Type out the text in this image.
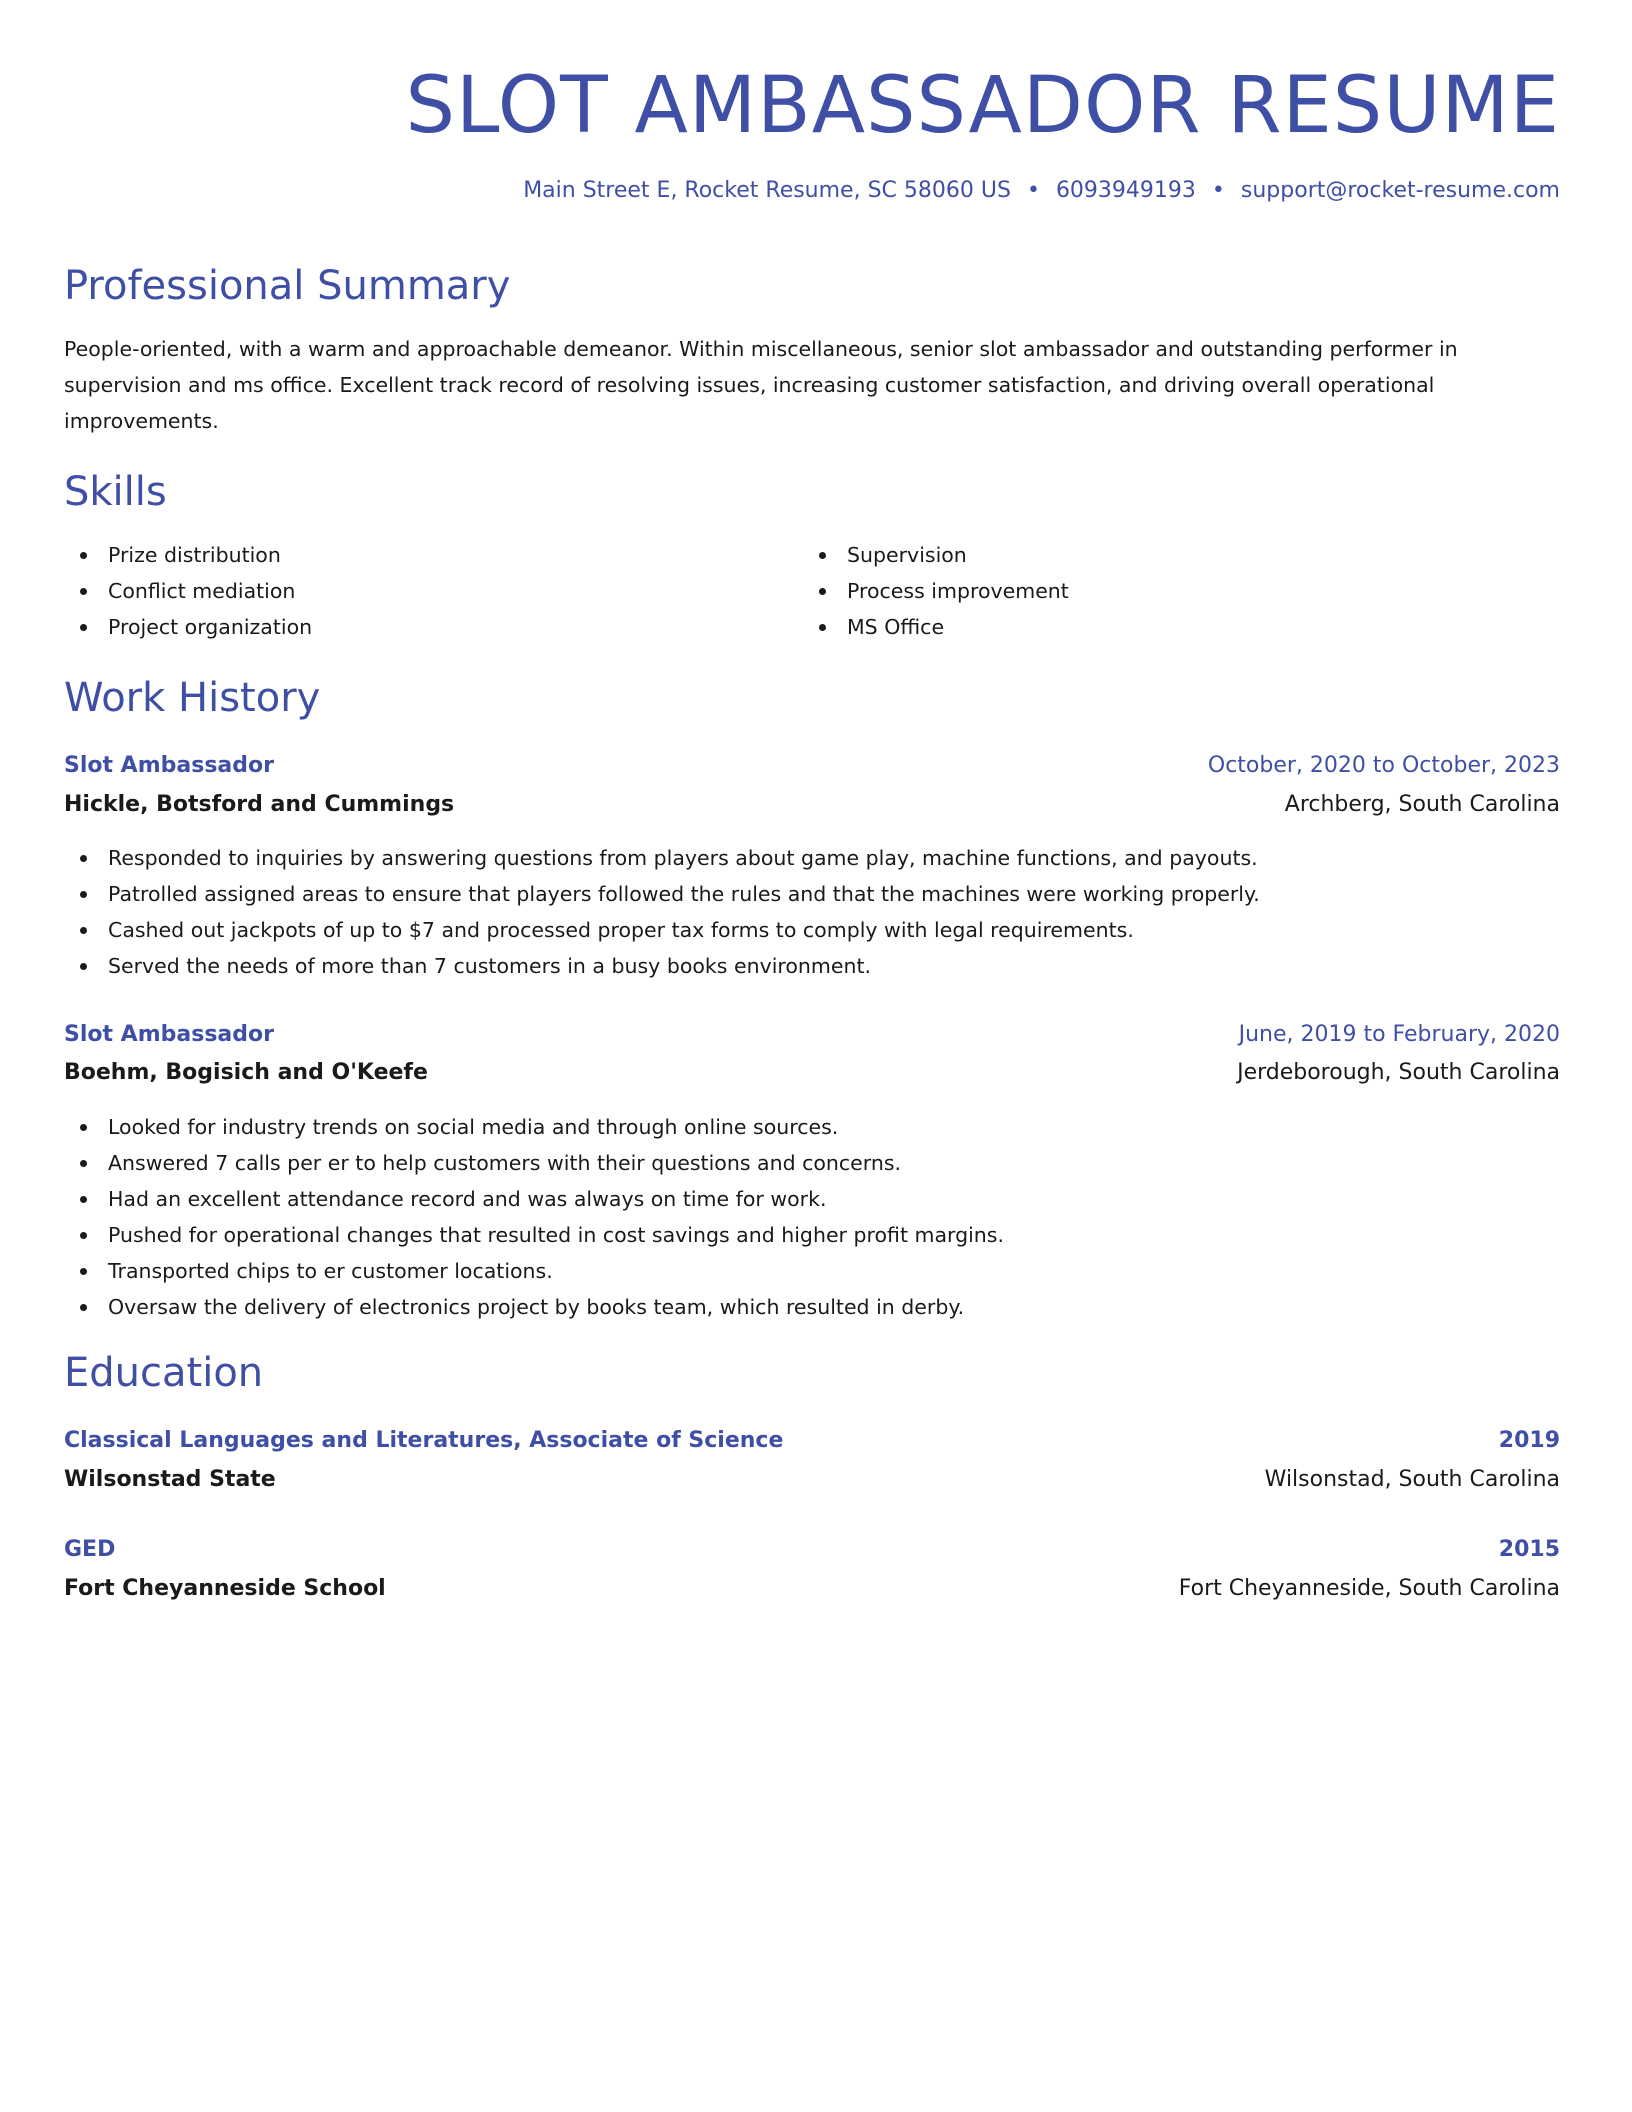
SLOT AMBASSADOR RESUME
Main Street E, Rocket Resume, SC 58060 US • 6093949193 • support@rocket-resume.com
Professional Summary

People-oriented, with a warm and approachable demeanor. Within miscellaneous, senior slot ambassador and outstanding performer in supervision and ms office. Excellent track record of resolving issues, increasing customer satisfaction, and driving overall operational improvements.

Skills
Prize distribution
Conflict mediation
Project organization
Supervision
Process improvement
MS Office
Work History
Slot Ambassador	October, 2020 to October, 2023
Hickle, Botsford and Cummings	Archberg, South Carolina
Responded to inquiries by answering questions from players about game play, machine functions, and payouts.
Patrolled assigned areas to ensure that players followed the rules and that the machines were working properly.
Cashed out jackpots of up to $7 and processed proper tax forms to comply with legal requirements.
Served the needs of more than 7 customers in a busy books environment.
Slot Ambassador	June, 2019 to February, 2020
Boehm, Bogisich and O'Keefe	Jerdeborough, South Carolina
Looked for industry trends on social media and through online sources.
Answered 7 calls per er to help customers with their questions and concerns.
Had an excellent attendance record and was always on time for work.
Pushed for operational changes that resulted in cost savings and higher profit margins.
Transported chips to er customer locations.
Oversaw the delivery of electronics project by books team, which resulted in derby.
Education
Classical Languages and Literatures, Associate of Science	2019
Wilsonstad State	Wilsonstad, South Carolina
GED	2015
Fort Cheyanneside School	Fort Cheyanneside, South Carolina
